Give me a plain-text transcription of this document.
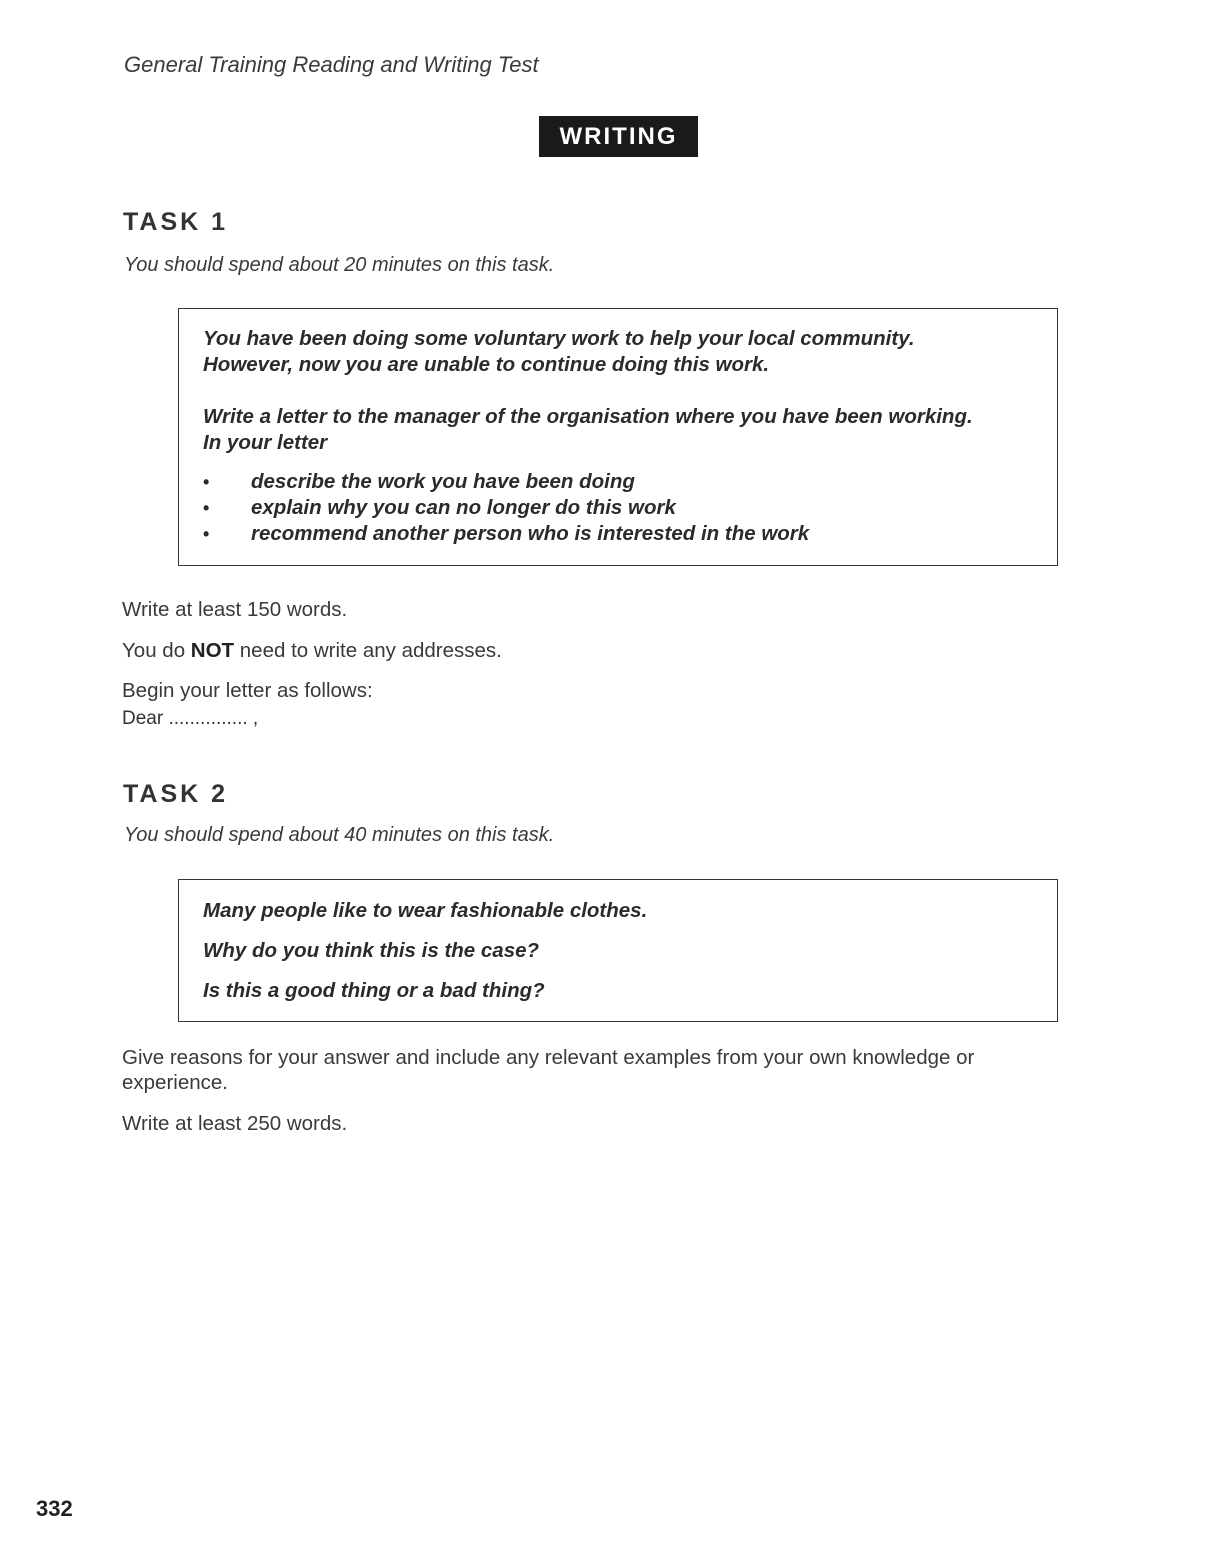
General Training Reading and Writing Test
WRITING
TASK 1
You should spend about 20 minutes on this task.
You have been doing some voluntary work to help your local community.
However, now you are unable to continue doing this work.
Write a letter to the manager of the organisation where you have been working.
In your letter
• describe the work you have been doing
• explain why you can no longer do this work
• recommend another person who is interested in the work
Write at least 150 words.
You do NOT need to write any addresses.
Begin your letter as follows:
Dear ............... ,
TASK 2
You should spend about 40 minutes on this task.
Many people like to wear fashionable clothes.
Why do you think this is the case?
Is this a good thing or a bad thing?
Give reasons for your answer and include any relevant examples from your own knowledge or
experience.
Write at least 250 words.
332
